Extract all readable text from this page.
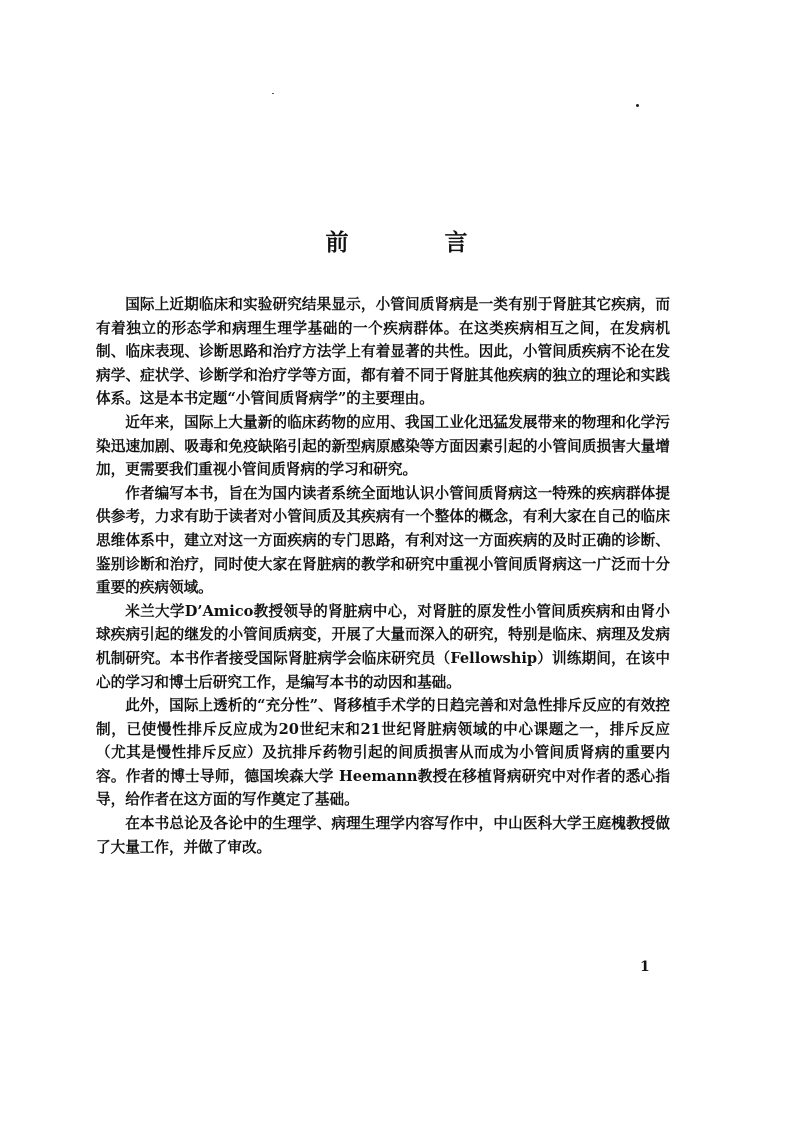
前 言

国际上近期临床和实验研究结果显示，小管间质肾病是一类有别于肾脏其它疾病，而有着独立的形态学和病理生理学基础的一个疾病群体。在这类疾病相互之间，在发病机制、临床表现、诊断思路和治疗方法学上有着显著的共性。因此，小管间质疾病不论在发病学、症状学、诊断学和治疗学等方面，都有着不同于肾脏其他疾病的独立的理论和实践体系。这是本书定题“小管间质肾病学”的主要理由。

近年来，国际上大量新的临床药物的应用、我国工业化迅猛发展带来的物理和化学污染迅速加剧、吸毒和免疫缺陷引起的新型病原感染等方面因素引起的小管间质损害大量增加，更需要我们重视小管间质肾病的学习和研究。

作者编写本书，旨在为国内读者系统全面地认识小管间质肾病这一特殊的疾病群体提供参考，力求有助于读者对小管间质及其疾病有一个整体的概念，有利大家在自己的临床思维体系中，建立对这一方面疾病的专门思路，有利对这一方面疾病的及时正确的诊断、鉴别诊断和治疗，同时使大家在肾脏病的教学和研究中重视小管间质肾病这一广泛而十分重要的疾病领域。

米兰大学D’Amico教授领导的肾脏病中心，对肾脏的原发性小管间质疾病和由肾小球疾病引起的继发的小管间质病变，开展了大量而深入的研究，特别是临床、病理及发病机制研究。本书作者接受国际肾脏病学会临床研究员（Fellowship）训练期间，在该中心的学习和博士后研究工作，是编写本书的动因和基础。

此外，国际上透析的“充分性”、肾移植手术学的日趋完善和对急性排斥反应的有效控制，已使慢性排斥反应成为20世纪末和21世纪肾脏病领域的中心课题之一，排斥反应（尤其是慢性排斥反应）及抗排斥药物引起的间质损害从而成为小管间质肾病的重要内容。作者的博士导师，德国埃森大学 Heemann教授在移植肾病研究中对作者的悉心指导，给作者在这方面的写作奠定了基础。

在本书总论及各论中的生理学、病理生理学内容写作中，中山医科大学王庭槐教授做了大量工作，并做了审改。

1
